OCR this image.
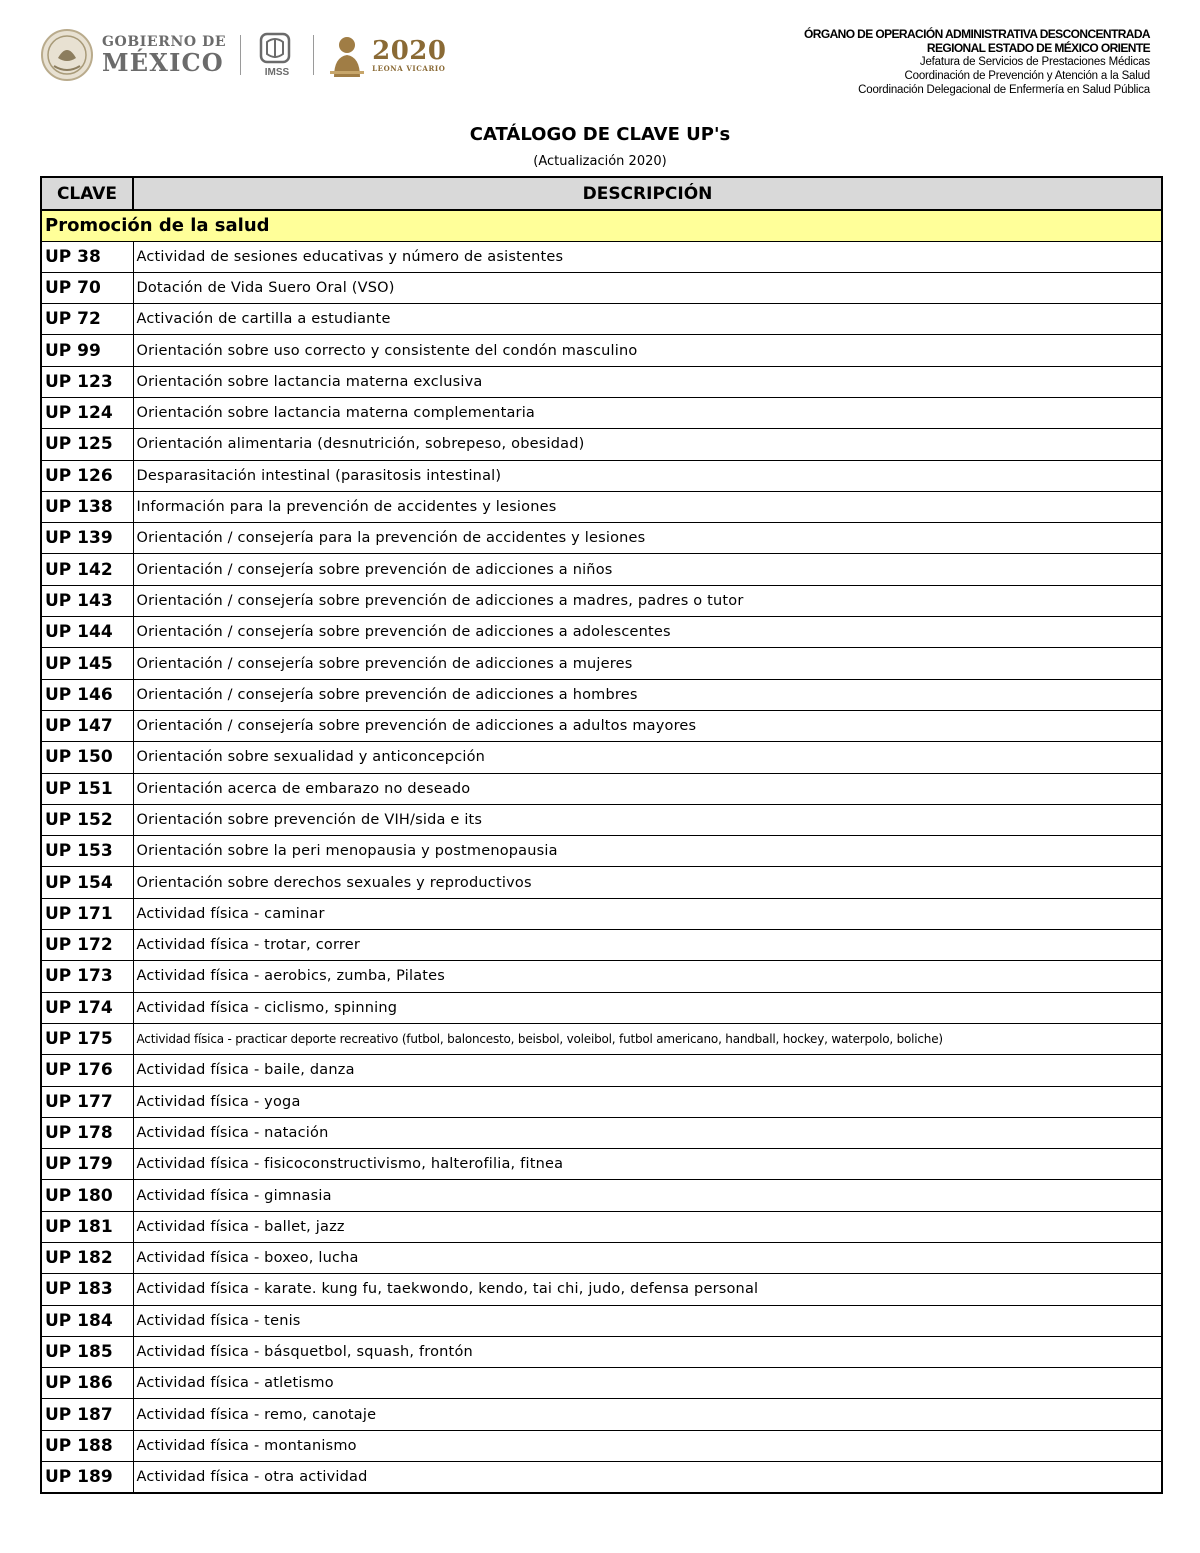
GOBIERNO DE
MÉXICO	IMSS
2020
LEONA VICARIO
ÓRGANO DE OPERACIÓN ADMINISTRATIVA DESCONCENTRADA
REGIONAL ESTADO DE MÉXICO ORIENTE
Jefatura de Servicios de Prestaciones Médicas
Coordinación de Prevención y Atención a la Salud
Coordinación Delegacional de Enfermería en Salud Pública
CATÁLOGO DE CLAVE UP's
(Actualización 2020)
CLAVE	DESCRIPCIÓN
Promoción de la salud	
UP 38	Actividad de sesiones educativas y número de asistentes
UP 70	Dotación de Vida Suero Oral (VSO)
UP 72	Activación de cartilla a estudiante
UP 99	Orientación sobre uso correcto y consistente del condón masculino
UP 123	Orientación sobre lactancia materna exclusiva
UP 124	Orientación sobre lactancia materna complementaria
UP 125	Orientación alimentaria (desnutrición, sobrepeso, obesidad)
UP 126	Desparasitación intestinal (parasitosis intestinal)
UP 138	Información para la prevención de accidentes y lesiones
UP 139	Orientación / consejería para la prevención de accidentes y lesiones
UP 142	Orientación / consejería sobre prevención de adicciones a niños
UP 143	Orientación / consejería sobre prevención de adicciones a madres, padres o tutor
UP 144	Orientación / consejería sobre prevención de adicciones a adolescentes
UP 145	Orientación / consejería sobre prevención de adicciones a mujeres
UP 146	Orientación / consejería sobre prevención de adicciones a hombres
UP 147	Orientación / consejería sobre prevención de adicciones a adultos mayores
UP 150	Orientación sobre sexualidad y anticoncepción
UP 151	Orientación acerca de embarazo no deseado
UP 152	Orientación sobre prevención de VIH/sida e its
UP 153	Orientación sobre la peri menopausia y postmenopausia
UP 154	Orientación sobre derechos sexuales y reproductivos
UP 171	Actividad física - caminar
UP 172	Actividad física - trotar, correr
UP 173	Actividad física - aerobics, zumba, Pilates
UP 174	Actividad física - ciclismo, spinning
UP 175	Actividad física - practicar deporte recreativo (futbol, baloncesto, beisbol, voleibol, futbol americano, handball, hockey, waterpolo, boliche)
UP 176	Actividad física - baile, danza
UP 177	Actividad física - yoga
UP 178	Actividad física - natación
UP 179	Actividad física - fisicoconstructivismo, halterofilia, fitnea
UP 180	Actividad física - gimnasia
UP 181	Actividad física - ballet, jazz
UP 182	Actividad física - boxeo, lucha
UP 183	Actividad física - karate. kung fu, taekwondo, kendo, tai chi, judo, defensa personal
UP 184	Actividad física - tenis
UP 185	Actividad física - básquetbol, squash, frontón
UP 186	Actividad física - atletismo
UP 187	Actividad física - remo, canotaje
UP 188	Actividad física - montanismo
UP 189	Actividad física - otra actividad
